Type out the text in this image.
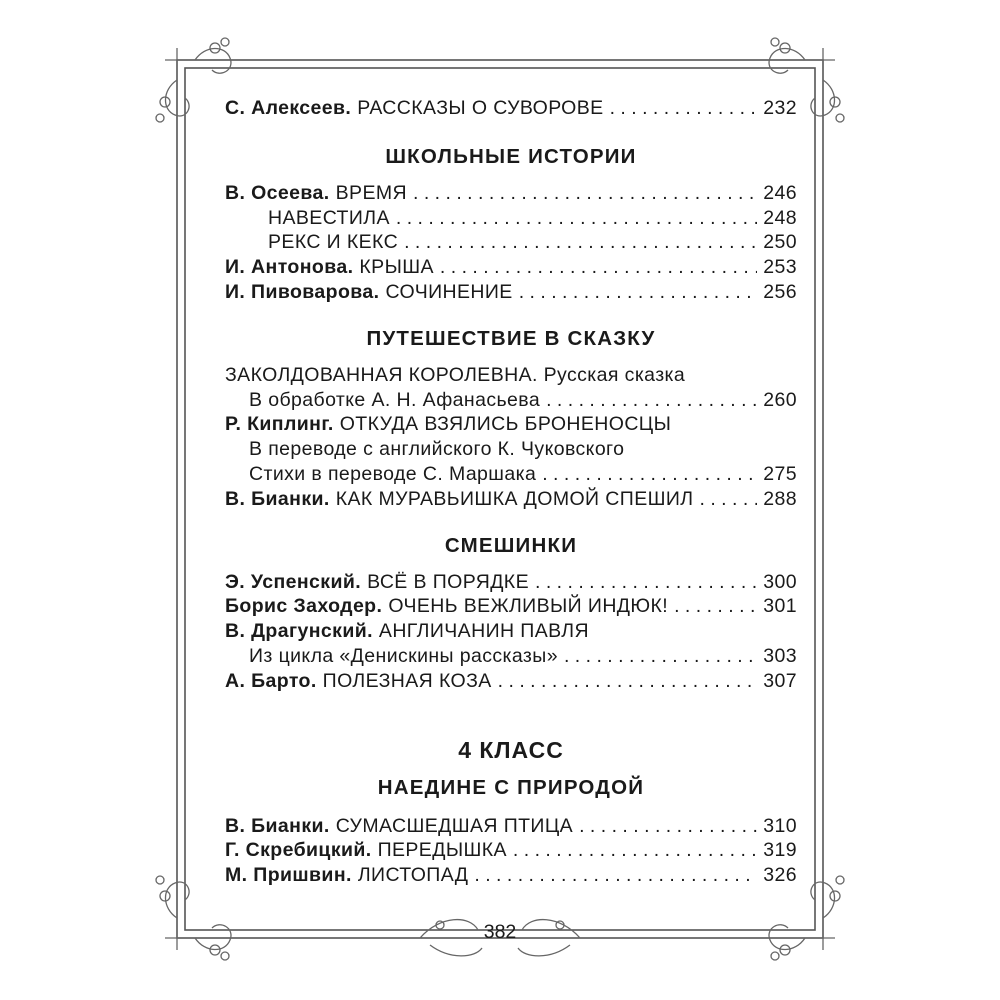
С. Алексеев. РАССКАЗЫ О СУВОРОВЕ . . .	232
ШКОЛЬНЫЕ ИСТОРИИ
В. Осеева. ВРЕМЯ . . .	246
НАВЕСТИЛА . . .	248
РЕКС И КЕКС . . .	250
И. Антонова. КРЫША . . .	253
И. Пивоварова. СОЧИНЕНИЕ . . .	256
ПУТЕШЕСТВИЕ В СКАЗКУ
ЗАКОЛДОВАННАЯ КОРОЛЕВНА. Русская сказка
В обработке А. Н. Афанасьева . . .	260
Р. Киплинг. ОТКУДА ВЗЯЛИСЬ БРОНЕНОСЦЫ
В переводе с английского К. Чуковского
Стихи в переводе С. Маршака . . .	275
В. Бианки. КАК МУРАВЬИШКА ДОМОЙ СПЕШИЛ . . .	288
СМЕШИНКИ
Э. Успенский. ВСЁ В ПОРЯДКЕ . . .	300
Борис Заходер. ОЧЕНЬ ВЕЖЛИВЫЙ ИНДЮК! . . .	301
В. Драгунский. АНГЛИЧАНИН ПАВЛЯ
Из цикла «Денискины рассказы» . . .	303
А. Барто. ПОЛЕЗНАЯ КОЗА . . .	307
4 КЛАСС
НАЕДИНЕ С ПРИРОДОЙ
В. Бианки. СУМАСШЕДШАЯ ПТИЦА . . .	310
Г. Скребицкий. ПЕРЕДЫШКА . . .	319
М. Пришвин. ЛИСТОПАД . . .	326
382
